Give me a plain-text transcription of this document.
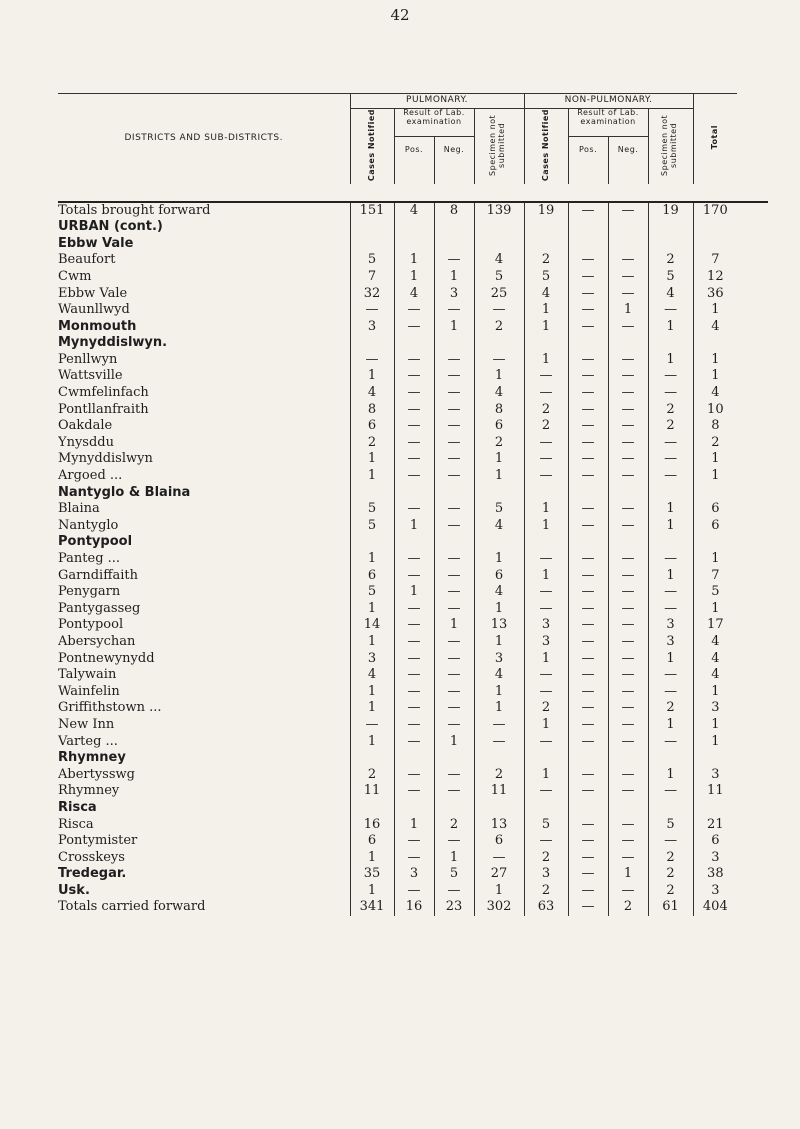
42
DISTRICTS AND SUB-DISTRICTS.	PULMONARY.				NON-PULMONARY.				Total
	Cases Notified	Result of Lab. examination		Specimen not submitted	Cases Notified	Result of Lab. examination		Specimen not submitted	
		Pos.	Neg.			Pos.	Neg.		

Totals brought forward	151	4	8	139	19	—	—	19	170
URBAN (cont.)									
Ebbw Vale									
Beaufort	5	1	—	4	2	—	—	2	7
Cwm	7	1	1	5	5	—	—	5	12
Ebbw Vale	32	4	3	25	4	—	—	4	36
Waunllwyd	—	—	—	—	1	—	1	—	1
Monmouth	3	—	1	2	1	—	—	1	4
Mynyddislwyn.									
Penllwyn	—	—	—	—	1	—	—	1	1
Wattsville	1	—	—	1	—	—	—	—	1
Cwmfelinfach	4	—	—	4	—	—	—	—	4
Pontllanfraith	8	—	—	8	2	—	—	2	10
Oakdale	6	—	—	6	2	—	—	2	8
Ynysddu	2	—	—	2	—	—	—	—	2
Mynyddislwyn	1	—	—	1	—	—	—	—	1
Argoed ...	1	—	—	1	—	—	—	—	1
Nantyglo & Blaina									
Blaina	5	—	—	5	1	—	—	1	6
Nantyglo	5	1	—	4	1	—	—	1	6
Pontypool									
Panteg ...	1	—	—	1	—	—	—	—	1
Garndiffaith	6	—	—	6	1	—	—	1	7
Penygarn	5	1	—	4	—	—	—	—	5
Pantygasseg	1	—	—	1	—	—	—	—	1
Pontypool	14	—	1	13	3	—	—	3	17
Abersychan	1	—	—	1	3	—	—	3	4
Pontnewynydd	3	—	—	3	1	—	—	1	4
Talywain	4	—	—	4	—	—	—	—	4
Wainfelin	1	—	—	1	—	—	—	—	1
Griffithstown ...	1	—	—	1	2	—	—	2	3
New Inn	—	—	—	—	1	—	—	1	1
Varteg ...	1	—	1	—	—	—	—	—	1
Rhymney									
Abertysswg	2	—	—	2	1	—	—	1	3
Rhymney	11	—	—	11	—	—	—	—	11
Risca									
Risca	16	1	2	13	5	—	—	5	21
Pontymister	6	—	—	6	—	—	—	—	6
Crosskeys	1	—	1	—	2	—	—	2	3
Tredegar.	35	3	5	27	3	—	1	2	38
Usk.	1	—	—	1	2	—	—	2	3
Totals carried forward	341	16	23	302	63	—	2	61	404
